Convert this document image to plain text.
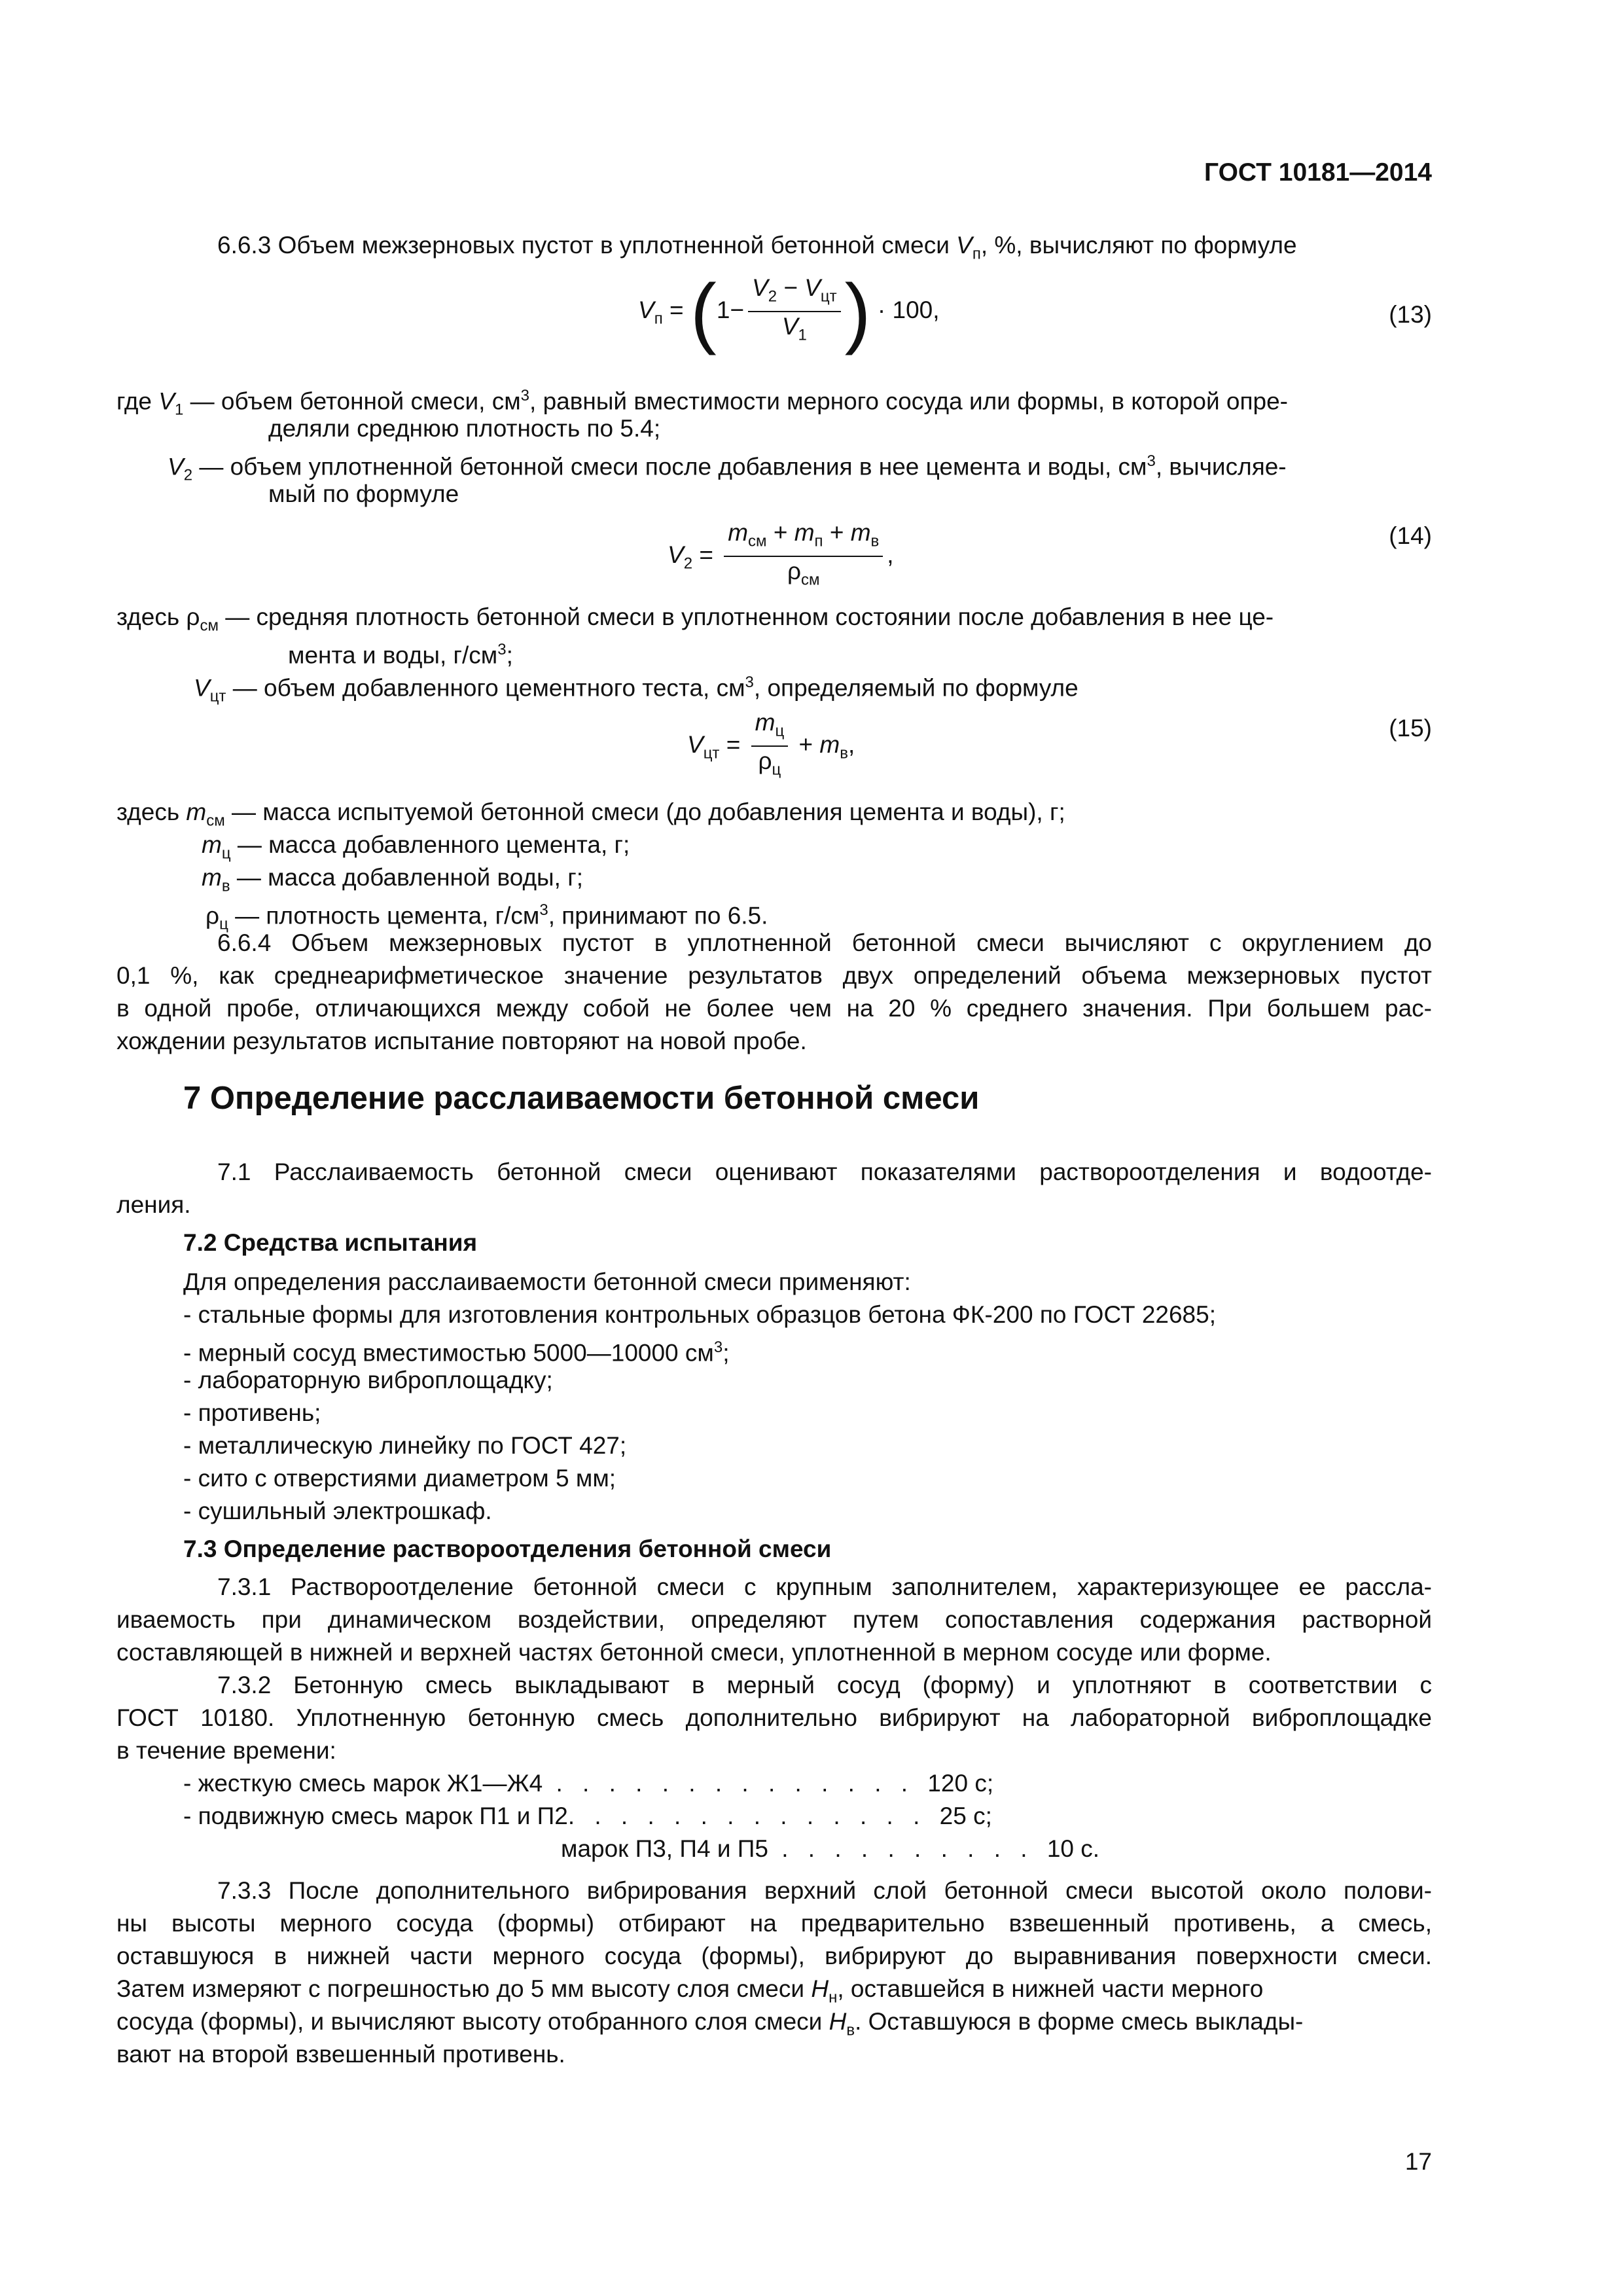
ГОСТ 10181—2014
6.6.3 Объем межзерновых пустот в уплотненной бетонной смеси $V_п$, %, вычисляют по формуле
$V_п = (1- \frac{V_2 - V_{цт}}{V_1}$ ) · 100,	(13)
где $V_1$ — объем бетонной смеси, $см^3$, равный вместимости мерного сосуда или формы, в которой опре-
деляли среднюю плотность по 5.4;
$V_2$ — объем уплотненной бетонной смеси после добавления в нее цемента и воды, $см^3$, вычисляе-
мый по формуле
$V_2 = \frac{m_{см} + m_п + m_в}{\rho_{см}}$ ,
(14)
здесь $\rho_{см}$ — средняя плотность бетонной смеси в уплотненном состоянии после добавления в нее це-
мента и воды, $г/см^3$;
$V_{цт}$ — объем добавленного цементного теста, $см^3$, определяемый по формуле
$V_{цт} = \frac{m_ц}{\rho_ц} + m_в$,
(15)
здесь $m_{см}$ — масса испытуемой бетонной смеси (до добавления цемента и воды), г;
$m_ц$ — масса добавленного цемента, г;
$m_в$ — масса добавленной воды, г;
$\rho_ц$ — плотность цемента, $г/см^3$, принимают по 6.5.
6.6.4 Объем межзерновых пустот в уплотненной бетонной смеси вычисляют с округлением до
0,1 %, как среднеарифметическое значение результатов двух определений объема межзерновых пустот
в одной пробе, отличающихся между собой не более чем на 20 % среднего значения. При большем рас-
хождении результатов испытание повторяют на новой пробе.
7 Определение расслаиваемости бетонной смеси
7.1 Расслаиваемость бетонной смеси оценивают показателями раствороотделения и водоотде-
ления.
7.2 Средства испытания
Для определения расслаиваемости бетонной смеси применяют:
- стальные формы для изготовления контрольных образцов бетона ФК-200 по ГОСТ 22685;
- мерный сосуд вместимостью 5000—10000 $см^3$;
- лабораторную виброплощадку;
- противень;
- металлическую линейку по ГОСТ 427;
- сито с отверстиями диаметром 5 мм;
- сушильный электрошкаф.
7.3 Определение раствороотделения бетонной смеси
7.3.1 Раствороотделение бетонной смеси с крупным заполнителем, характеризующее ее рассла-
иваемость при динамическом воздействии, определяют путем сопоставления содержания растворной
составляющей в нижней и верхней частях бетонной смеси, уплотненной в мерном сосуде или форме.
7.3.2 Бетонную смесь выкладывают в мерный сосуд (форму) и уплотняют в соответствии с
ГОСТ 10180. Уплотненную бетонную смесь дополнительно вибрируют на лабораторной виброплощадке
в течение времени:
- жесткую смесь марок Ж1—Ж4 . . . . . . . . . . . . . . 120 с;
- подвижную смесь марок П1 и П2. . . . . . . . . . . . . . 25 с;
марок П3, П4 и П5 . . . . . . . . . . 10 с.
7.3.3 После дополнительного вибрирования верхний слой бетонной смеси высотой около полови-
ны высоты мерного сосуда (формы) отбирают на предварительно взвешенный противень, а смесь,
оставшуюся в нижней части мерного сосуда (формы), вибрируют до выравнивания поверхности смеси.
Затем измеряют с погрешностью до 5 мм высоту слоя смеси $H_н$, оставшейся в нижней части мерного
сосуда (формы), и вычисляют высоту отобранного слоя смеси $H_в$. Оставшуюся в форме смесь выклады-
вают на второй взвешенный противень.
17
